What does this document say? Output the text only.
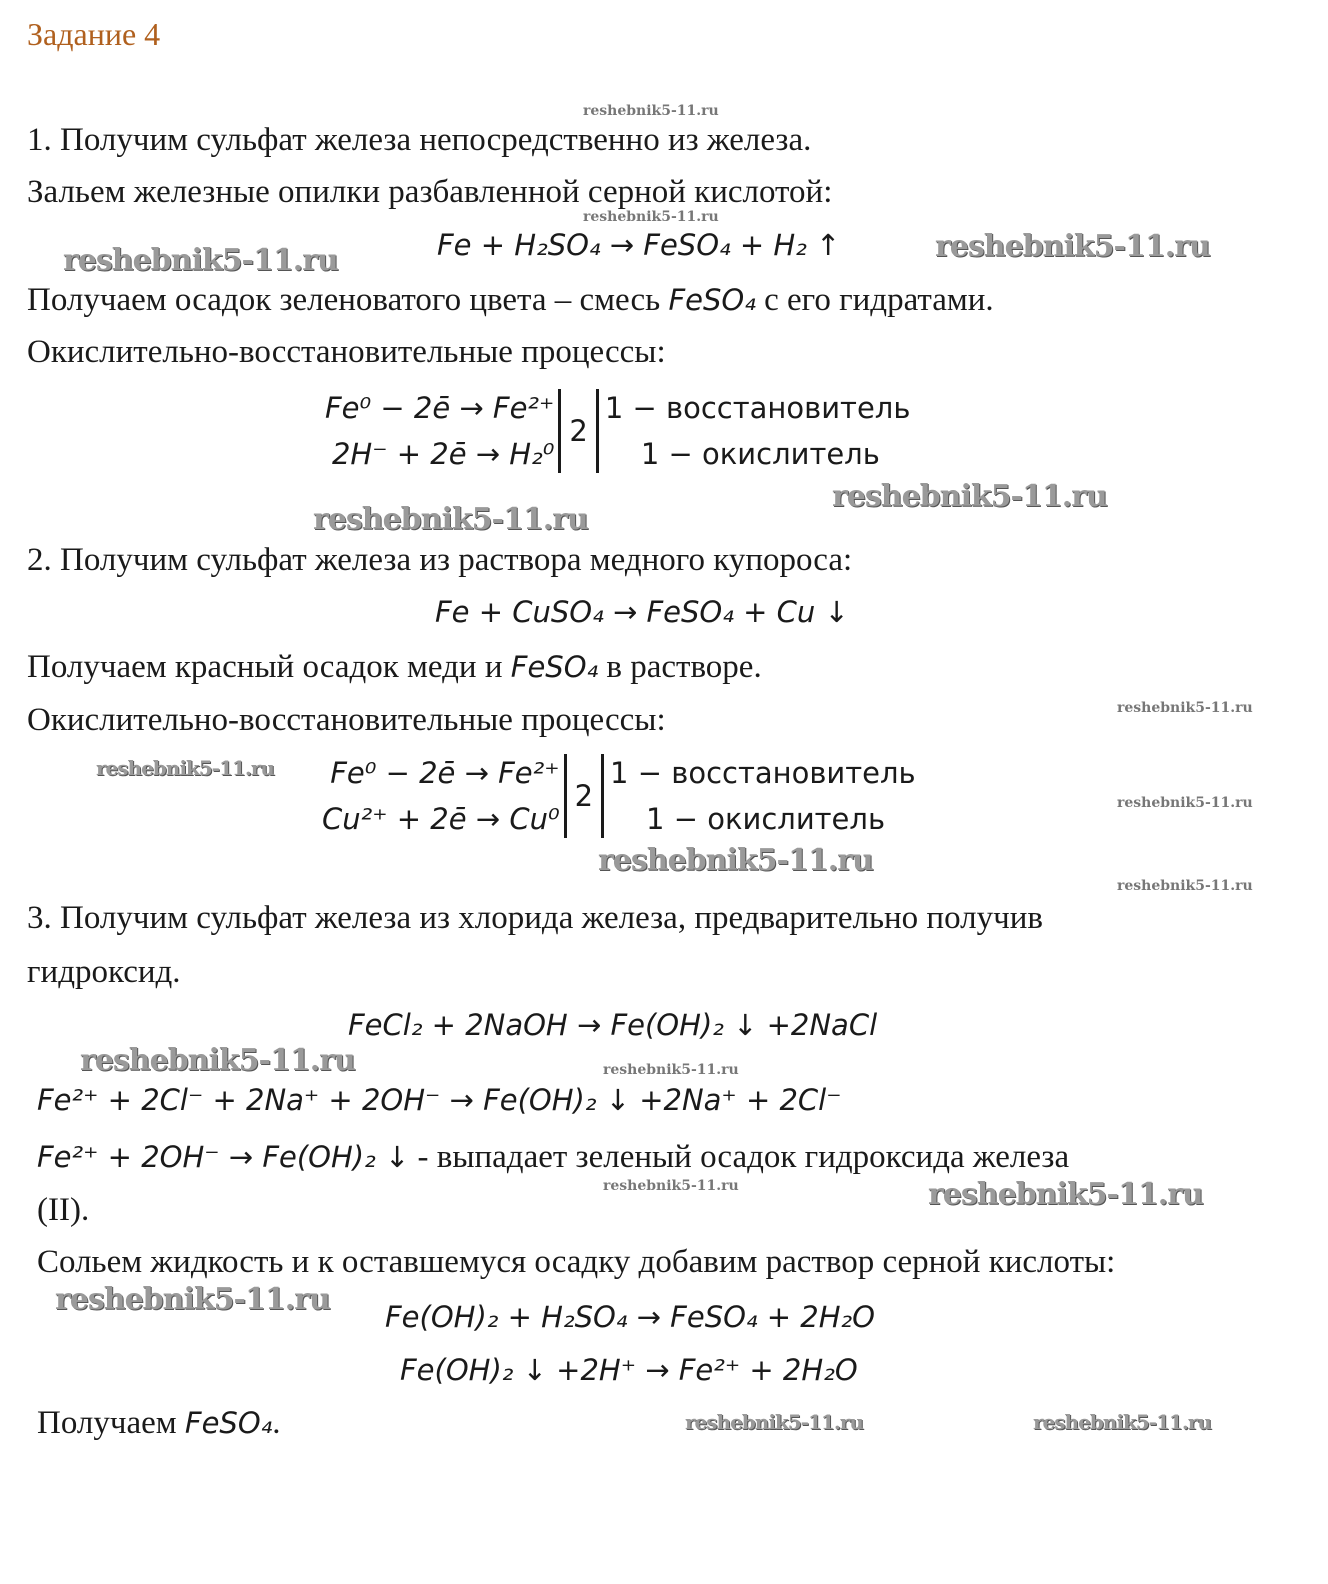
Задание 4
1. Получим сульфат железа непосредственно из железа.
Зальем железные опилки разбавленной серной кислотой:
Fe + H₂SO₄ → FeSO₄ + H₂ ↑
Получаем осадок зеленоватого цвета – смесь FeSO₄ с его гидратами.
Окислительно-восстановительные процессы:
Fe⁰ − 2ē → Fe²⁺
2H⁻ + 2ē → H₂⁰
2
1 − восстановитель
1 − окислитель
2. Получим сульфат железа из раствора медного купороса:
Fe + CuSO₄ → FeSO₄ + Cu ↓
Получаем красный осадок меди и FeSO₄ в растворе.
Окислительно-восстановительные процессы:
Fe⁰ − 2ē → Fe²⁺
Cu²⁺ + 2ē → Cu⁰
2
1 − восстановитель
1 − окислитель
3. Получим сульфат железа из хлорида железа, предварительно получив
гидроксид.
FeCl₂ + 2NaOH → Fe(OH)₂ ↓ +2NaCl
Fe²⁺ + 2Cl⁻ + 2Na⁺ + 2OH⁻ → Fe(OH)₂ ↓ +2Na⁺ + 2Cl⁻
Fe²⁺ + 2OH⁻ → Fe(OH)₂ ↓ - выпадает зеленый осадок гидроксида железа
(II).
Сольем жидкость и к оставшемуся осадку добавим раствор серной кислоты:
Fe(OH)₂ + H₂SO₄ → FeSO₄ + 2H₂O
Fe(OH)₂ ↓ +2H⁺ → Fe²⁺ + 2H₂O
Получаем FeSO₄.
reshebnik5-11.ru
reshebnik5-11.ru
reshebnik5-11.ru
reshebnik5-11.ru
reshebnik5-11.ru
reshebnik5-11.ru
reshebnik5-11.ru
reshebnik5-11.ru
reshebnik5-11.ru
reshebnik5-11.ru
reshebnik5-11.ru
reshebnik5-11.ru	reshebnik5-11.ru
reshebnik5-11.ru	reshebnik5-11.ru
reshebnik5-11.ru
reshebnik5-11.ru	reshebnik5-11.ru
